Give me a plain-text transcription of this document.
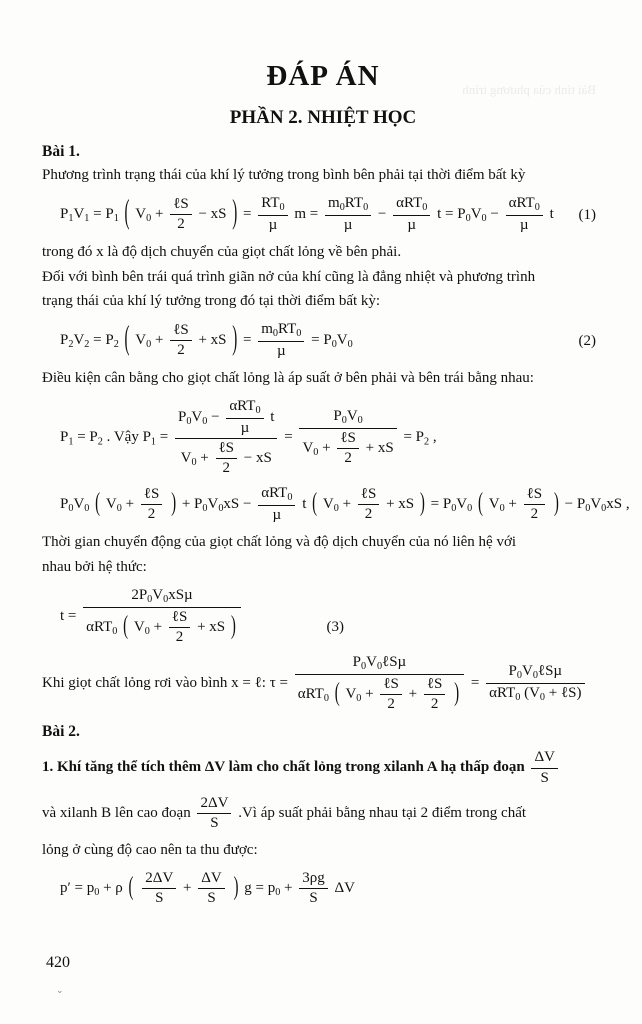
Bài tính của phương trình
ĐÁP ÁN
PHẦN 2. NHIỆT HỌC
Bài 1.
Phương trình trạng thái của khí lý tưởng trong bình bên phải tại thời điểm bất kỳ
$P_1V_1 = P_1$ ( $V_0 + \frac{\text{ℓS}}{2}$ − xS ) = $\frac{RT_0}{\text{µ}}$ $m = \frac{m_0RT_0}{\text{µ}} - \frac{\alpha RT_0}{\text{µ}}$ $t = P_0V_0 - \frac{\alpha RT_0}{\text{µ}}$ t (1)
trong đó x là độ dịch chuyển của giọt chất lỏng về bên phải.
Đối với bình bên trái quá trình giãn nở của khí cũng là đẳng nhiệt và phương trình
trạng thái của khí lý tưởng trong đó tại thời điểm bất kỳ:
$P_2V_2 = P_2$ ( $V_0 + \frac{\text{ℓS}}{2}$ + xS ) = $\frac{m_0RT_0}{\text{µ}} = P_0V_0$	(2)
Điều kiện cân bằng cho giọt chất lỏng là áp suất ở bên phải và bên trái bằng nhau:
$P_1 = P_2$ . Vậy $P_1 = \frac{P_0V_0 - \frac{\alpha RT_0}{\text{µ}} t}{V_0 + \frac{\text{ℓS}}{2} - xS} = \frac{P_0V_0}{V_0 + \frac{\text{ℓS}}{2} + xS} = P_2$ ,
$P_0V_0$ ( $V_0 + \frac{\text{ℓS}}{2}$ ) + $P_0V_0xS - \frac{\alpha RT_0}{\text{µ}}$ t ( $V_0 + \frac{\text{ℓS}}{2}$ + xS ) = $P_0V_0$ ( $V_0 + \frac{\text{ℓS}}{2}$ ) − $P_0V_0xS$ ,
Thời gian chuyển động của giọt chất lỏng và độ dịch chuyển của nó liên hệ với
nhau bởi hệ thức:
$t = \frac{2P_0V_0xS\mu}{\alpha RT_0 ( V_0 + \frac{\text{ℓS}}{2} + xS )}$	(3)
Khi giọt chất lỏng rơi vào bình x = ℓ: $\tau = \frac{P_0V_0\ell S\mu}{\alpha RT_0 ( V_0 + \frac{\text{ℓS}}{2} + \frac{\text{ℓS}}{2} )} = \frac{P_0V_0\ell S\mu}{\alpha RT_0 (V_0 + \ell S)}$
Bài 2.
1. Khí tăng thể tích thêm ΔV làm cho chất lỏng trong xilanh A hạ thấp đoạn $\frac{\Delta V}{S}$
và xilanh B lên cao đoạn $\frac{2\Delta V}{S}$ .Vì áp suất phải bằng nhau tại 2 điểm trong chất
lỏng ở cùng độ cao nên ta thu được:
$p' = p_0 + \rho$ ( $\frac{2\Delta V}{S} + \frac{\Delta V}{S}$ ) $g = p_0 + \frac{3\rho g}{S}$ ΔV
420
⌄
